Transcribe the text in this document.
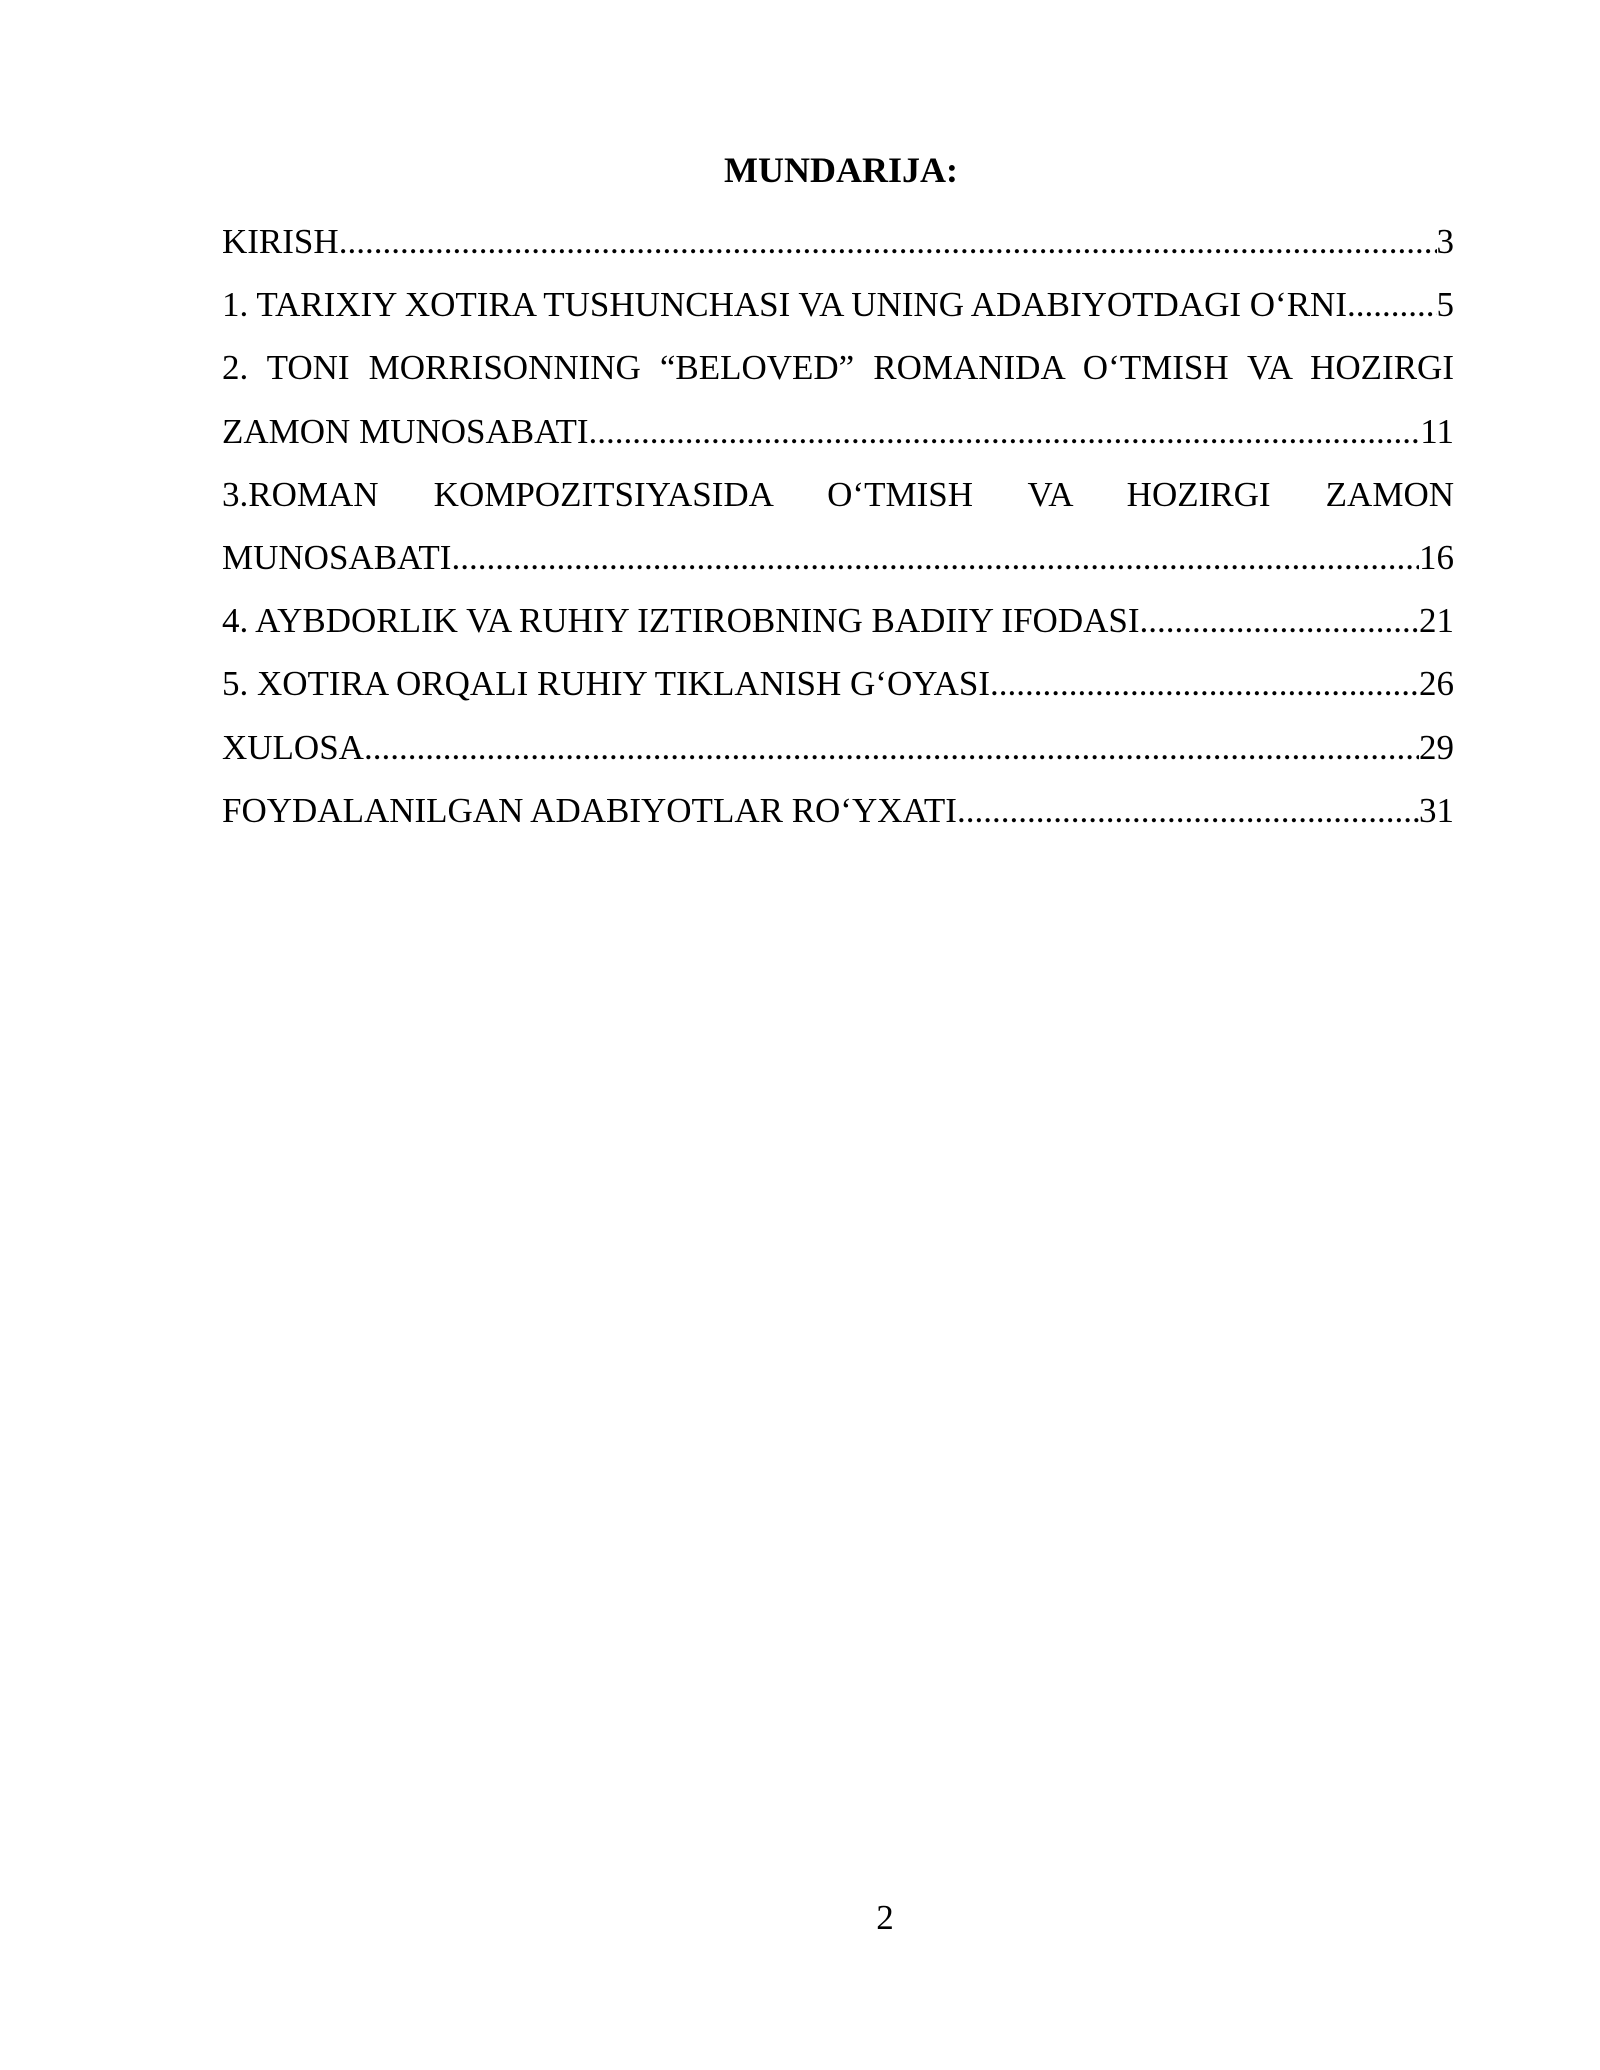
MUNDARIJA:
KIRISH .....	3
1. TARIXIY XOTIRA TUSHUNCHASI VA UNING ADABIYOTDAGI O‘RNI. ..... 5
2. TONI MORRISONNING “BELOVED” ROMANIDA O‘TMISH VA HOZIRGI
ZAMON MUNOSABATI .....	11
3.ROMAN KOMPOZITSIYASIDA O‘TMISH VA HOZIRGI ZAMON
MUNOSABATI .....	16
4. AYBDORLIK VA RUHIY IZTIROBNING BADIIY IFODASI .....	21
5. XOTIRA ORQALI RUHIY TIKLANISH G‘OYASI .....	26
XULOSA .....	29
FOYDALANILGAN ADABIYOTLAR RO‘YXATI .....	31
2
